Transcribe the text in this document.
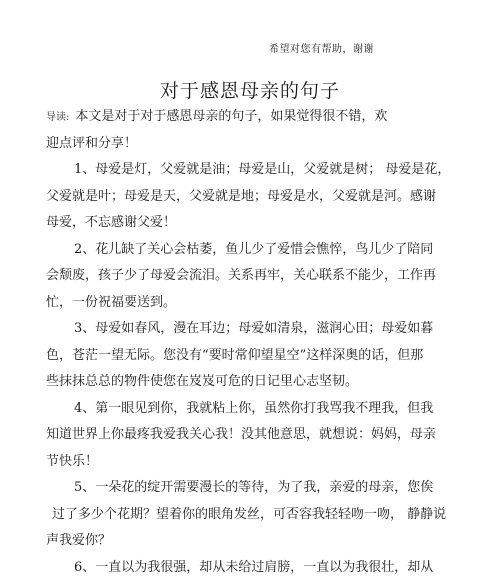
希望对您有帮助，谢谢
对于感恩母亲的句子
导读: 本文是对于对于感恩母亲的句子，如果觉得很不错，欢
迎点评和分享！
1、母爱是灯，父爱就是油；母爱是山，父爱就是树； 母爱是花，
父爱就是叶；母爱是天，父爱就是地；母爱是水，父爱就是河。感谢
母爱，不忘感谢父爱！
2、花儿缺了关心会枯萎，鱼儿少了爱惜会憔悴，鸟儿少了陪同
会颓废，孩子少了母爱会流泪。关系再牢，关心联系不能少，工作再
忙，一份祝福要送到。
3、母爱如春风，漫在耳边；母爱如清泉，滋润心田；母爱如暮
色，苍茫一望无际。您没有“要时常仰望星空”这样深奥的话，但那
些抹抹总总的物件使您在岌岌可危的日记里心志坚韧。
4、第一眼见到你，我就粘上你，虽然你打我骂我不理我，但我
知道世界上你最疼我爱我关心我！没其他意思，就想说：妈妈，母亲
节快乐！
5、一朵花的绽开需要漫长的等待，为了我，亲爱的母亲，您俟
过了多少个花期？望着你的眼角发丝，可否容我轻轻吻一吻， 静静说
声我爱你？
6、一直以为我很强，却从未给过肩膀，一直以为我很壮，却从
